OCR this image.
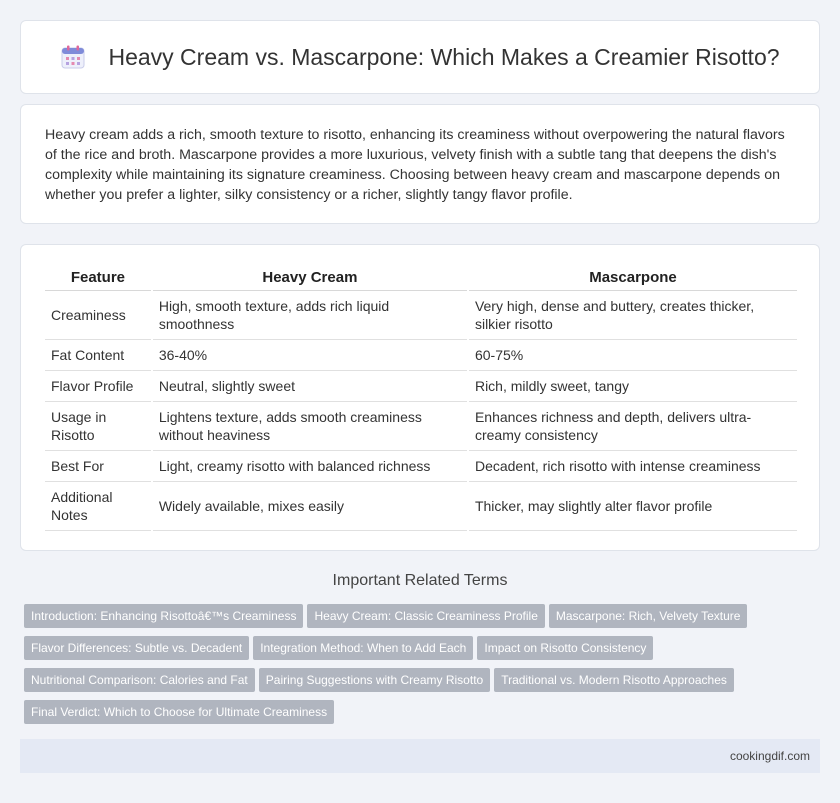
Heavy Cream vs. Mascarpone: Which Makes a Creamier Risotto?

Heavy cream adds a rich, smooth texture to risotto, enhancing its creaminess without overpowering the natural flavors of the rice and broth. Mascarpone provides a more luxurious, velvety finish with a subtle tang that deepens the dish's complexity while maintaining its signature creaminess. Choosing between heavy cream and mascarpone depends on whether you prefer a lighter, silky consistency or a richer, slightly tangy flavor profile.

Feature	Heavy Cream	Mascarpone
Creaminess	High, smooth texture, adds rich liquid smoothness	Very high, dense and buttery, creates thicker, silkier risotto
Fat Content	36-40%	60-75%
Flavor Profile	Neutral, slightly sweet	Rich, mildly sweet, tangy
Usage in Risotto	Lightens texture, adds smooth creaminess without heaviness	Enhances richness and depth, delivers ultra-creamy consistency
Best For	Light, creamy risotto with balanced richness	Decadent, rich risotto with intense creaminess
Additional Notes	Widely available, mixes easily	Thicker, may slightly alter flavor profile
Important Related Terms
Introduction: Enhancing Risottoâ€™s Creaminess Heavy Cream: Classic Creaminess Profile Mascarpone: Rich, Velvety Texture
Flavor Differences: Subtle vs. Decadent Integration Method: When to Add Each Impact on Risotto Consistency
Nutritional Comparison: Calories and Fat Pairing Suggestions with Creamy Risotto Traditional vs. Modern Risotto Approaches
Final Verdict: Which to Choose for Ultimate Creaminess
cookingdif.com
